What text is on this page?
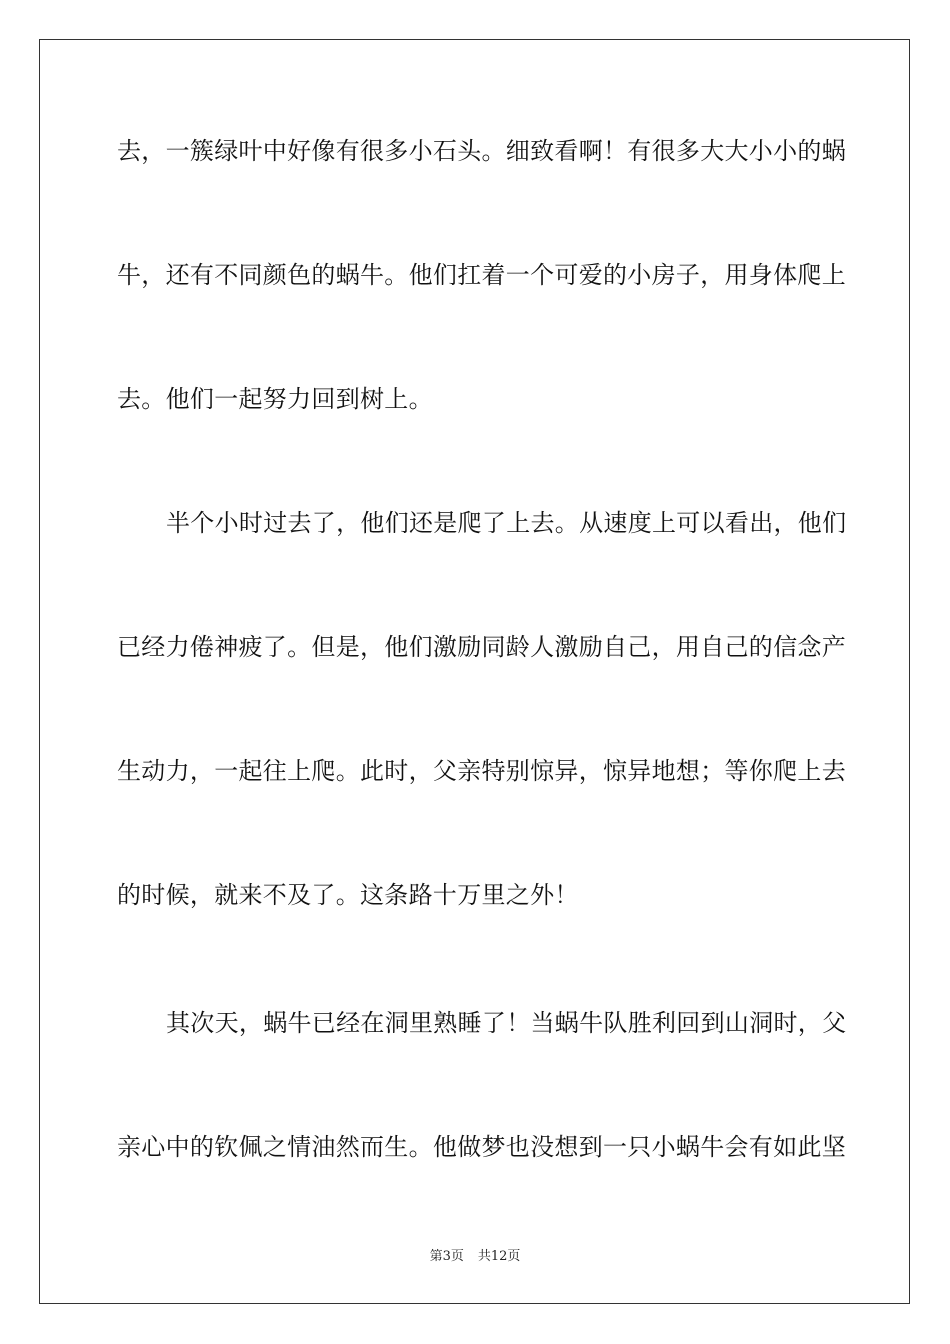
去，一簇绿叶中好像有很多小石头。细致看啊！有很多大大小小的蜗
牛，还有不同颜色的蜗牛。他们扛着一个可爱的小房子，用身体爬上
去。他们一起努力回到树上。
半个小时过去了，他们还是爬了上去。从速度上可以看出，他们
已经力倦神疲了。但是，他们激励同龄人激励自己，用自己的信念产
生动力，一起往上爬。此时，父亲特别惊异，惊异地想；等你爬上去
的时候，就来不及了。这条路十万里之外！
其次天，蜗牛已经在洞里熟睡了！当蜗牛队胜利回到山洞时，父
亲心中的钦佩之情油然而生。他做梦也没想到一只小蜗牛会有如此坚
第3页 共12页
